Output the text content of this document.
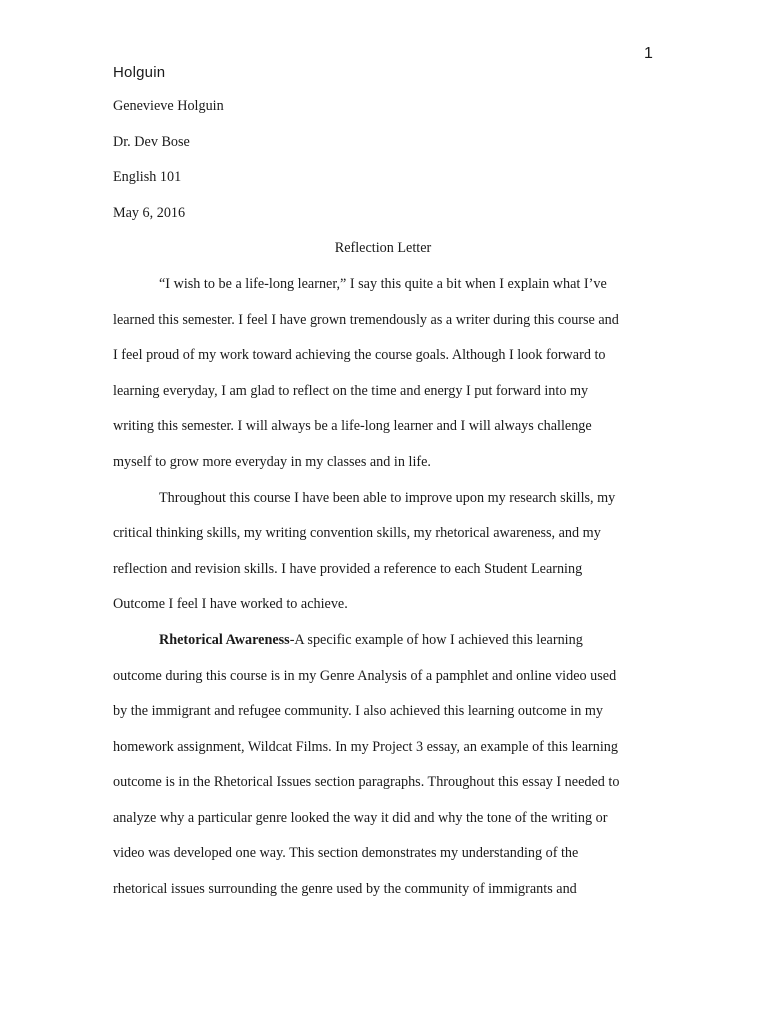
1
Holguin
Genevieve Holguin
Dr. Dev Bose
English 101
May 6, 2016
Reflection Letter
“I wish to be a life-long learner,” I say this quite a bit when I explain what I’ve
learned this semester. I feel I have grown tremendously as a writer during this course and
I feel proud of my work toward achieving the course goals. Although I look forward to
learning everyday, I am glad to reflect on the time and energy I put forward into my
writing this semester. I will always be a life-long learner and I will always challenge
myself to grow more everyday in my classes and in life.
Throughout this course I have been able to improve upon my research skills, my
critical thinking skills, my writing convention skills, my rhetorical awareness, and my
reflection and revision skills. I have provided a reference to each Student Learning
Outcome I feel I have worked to achieve.
Rhetorical Awareness-A specific example of how I achieved this learning
outcome during this course is in my Genre Analysis of a pamphlet and online video used
by the immigrant and refugee community. I also achieved this learning outcome in my
homework assignment, Wildcat Films. In my Project 3 essay, an example of this learning
outcome is in the Rhetorical Issues section paragraphs. Throughout this essay I needed to
analyze why a particular genre looked the way it did and why the tone of the writing or
video was developed one way. This section demonstrates my understanding of the
rhetorical issues surrounding the genre used by the community of immigrants and
